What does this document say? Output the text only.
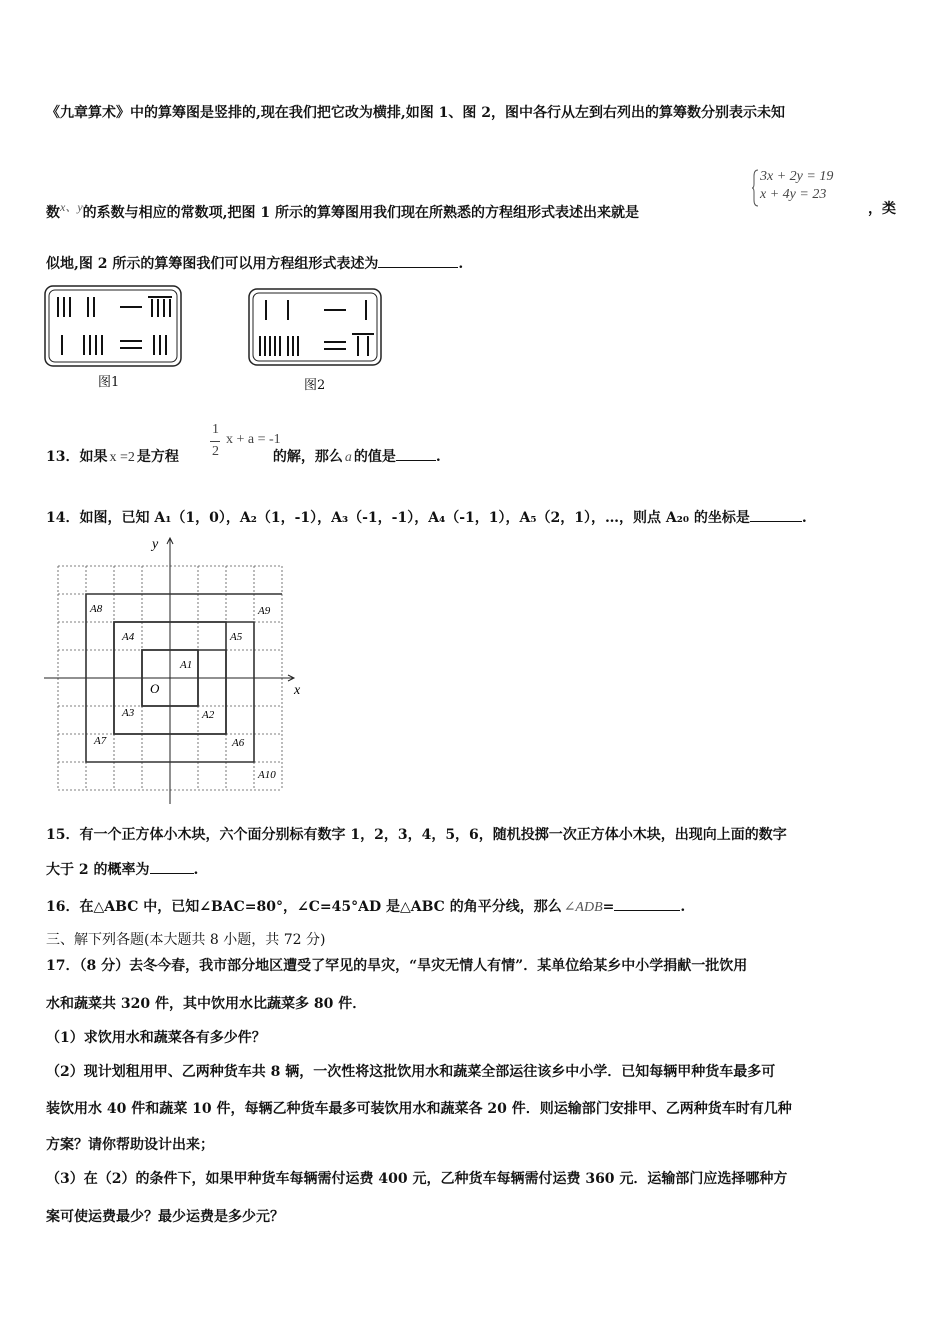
《九章算术》中的算筹图是竖排的,现在我们把它改为横排,如图 1、图 2，图中各行从左到右列出的算筹数分别表示未知
3x + 2y = 19
x + 4y = 23
数x、y的系数与相应的常数项,把图 1 所示的算筹图用我们现在所熟悉的方程组形式表述出来就是	，类
似地,图 2 所示的算筹图我们可以用方程组形式表述为	.
图1	图2
13．如果 x =2 是方程	的解，那么 a 的值是	.
1
2
x + a = -1
14．如图，已知 A₁（1，0），A₂（1，-1），A₃（-1，-1），A₄（-1，1），A₅（2，1），…，则点 A₂₀ 的坐标是	.
x
y
O
A1
A2
A3
A4	A5
A6
A7
A8	A9
A10
15．有一个正方体小木块，六个面分别标有数字 1，2，3，4，5，6，随机投掷一次正方体小木块，出现向上面的数字
大于 2 的概率为	.
16．在△ABC 中，已知∠BAC=80°，∠C=45°AD 是△ABC 的角平分线，那么 ∠ADB=	.
三、解下列各题(本大题共 8 小题，共 72 分)
17．（8 分）去冬今春，我市部分地区遭受了罕见的旱灾，“旱灾无情人有情”．某单位给某乡中小学捐献一批饮用
水和蔬菜共 320 件，其中饮用水比蔬菜多 80 件．
（1）求饮用水和蔬菜各有多少件？
（2）现计划租用甲、乙两种货车共 8 辆，一次性将这批饮用水和蔬菜全部运往该乡中小学．已知每辆甲种货车最多可
装饮用水 40 件和蔬菜 10 件，每辆乙种货车最多可装饮用水和蔬菜各 20 件．则运输部门安排甲、乙两种货车时有几种
方案？请你帮助设计出来；
（3）在（2）的条件下，如果甲种货车每辆需付运费 400 元，乙种货车每辆需付运费 360 元．运输部门应选择哪种方
案可使运费最少？最少运费是多少元？
